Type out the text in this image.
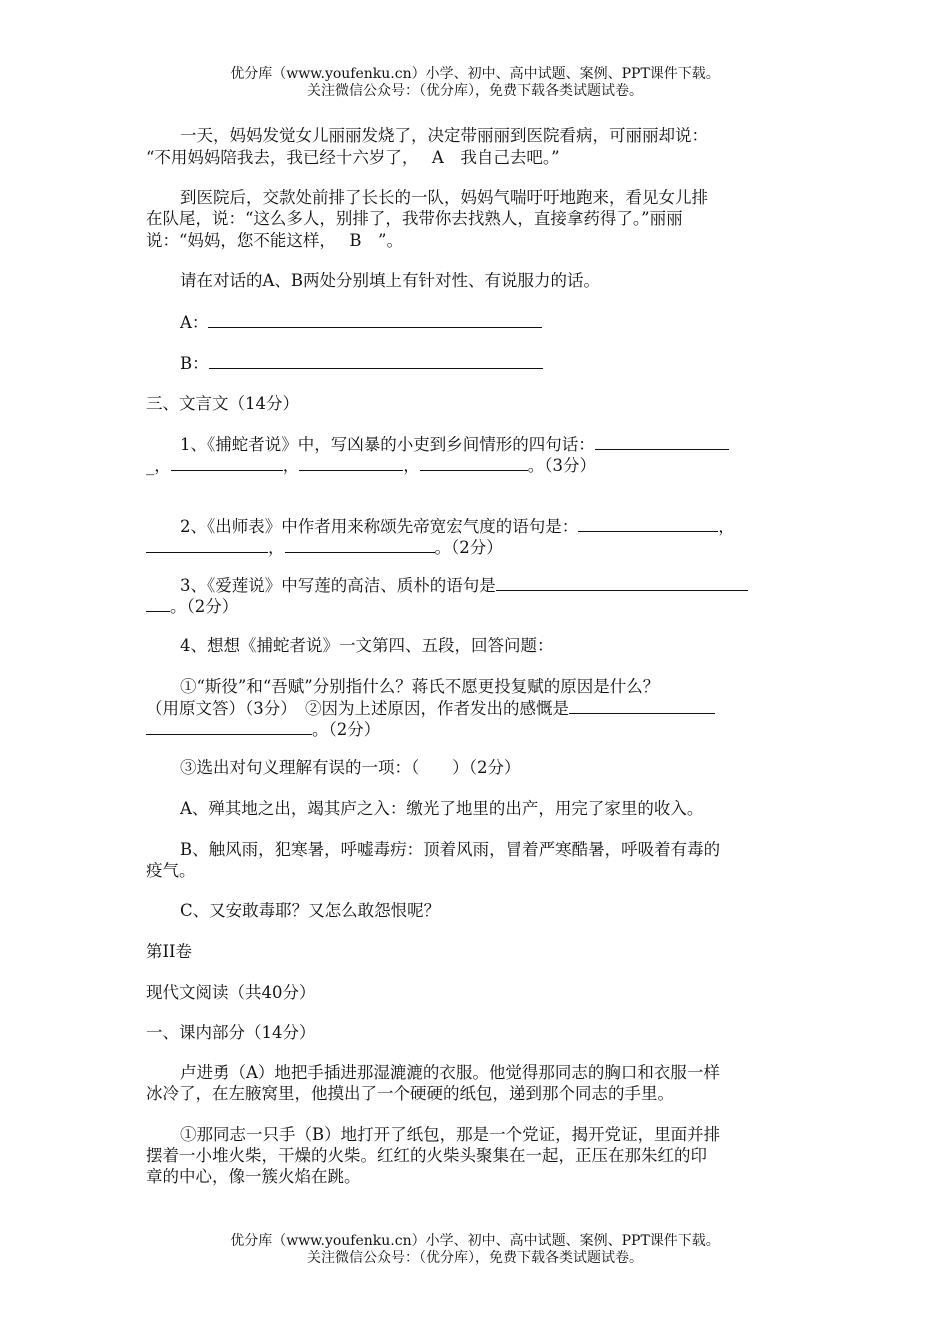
优分库（www.youfenku.cn）小学、初中、高中试题、案例、PPT课件下载。
关注微信公众号：（优分库），免费下载各类试题试卷。
一天，妈妈发觉女儿丽丽发烧了，决定带丽丽到医院看病，可丽丽却说：
“不用妈妈陪我去，我已经十六岁了，　 A　我自己去吧。”
到医院后，交款处前排了长长的一队，妈妈气喘吁吁地跑来，看见女儿排
在队尾，说：“这么多人，别排了，我带你去找熟人，直接拿药得了。”丽丽
说：“妈妈，您不能这样，　 B　”。
请在对话的A、B两处分别填上有针对性、有说服力的话。
A：
B：
三、文言文（14分）
1、《捕蛇者说》中，写凶暴的小吏到乡间情形的四句话：
_，	，	，	。（3分）
2、《出师表》中作者用来称颂先帝宽宏气度的语句是：	，
，	。（2分）
3、《爱莲说》中写莲的高洁、质朴的语句是
。（2分）
4、想想《捕蛇者说》一文第四、五段，回答问题：
①“斯役”和“吾赋”分别指什么？蒋氏不愿更投复赋的原因是什么？
（用原文答）（3分）　②因为上述原因，作者发出的感慨是
。（2分）
③选出对句义理解有误的一项：（　　）（2分）
A、殚其地之出，竭其庐之入：缴光了地里的出产，用完了家里的收入。
B、触风雨，犯寒暑，呼嘘毒疠：顶着风雨，冒着严寒酷暑，呼吸着有毒的
疫气。
C、又安敢毒耶？又怎么敢怨恨呢？
第II卷
现代文阅读（共40分）
一、课内部分（14分）
卢进勇（A）地把手插进那湿漉漉的衣服。他觉得那同志的胸口和衣服一样
冰冷了，在左腋窝里，他摸出了一个硬硬的纸包，递到那个同志的手里。
①那同志一只手（B）地打开了纸包，那是一个党证，揭开党证，里面并排
摆着一小堆火柴，干燥的火柴。红红的火柴头聚集在一起，正压在那朱红的印
章的中心，像一簇火焰在跳。
优分库（www.youfenku.cn）小学、初中、高中试题、案例、PPT课件下载。
关注微信公众号：（优分库），免费下载各类试题试卷。
